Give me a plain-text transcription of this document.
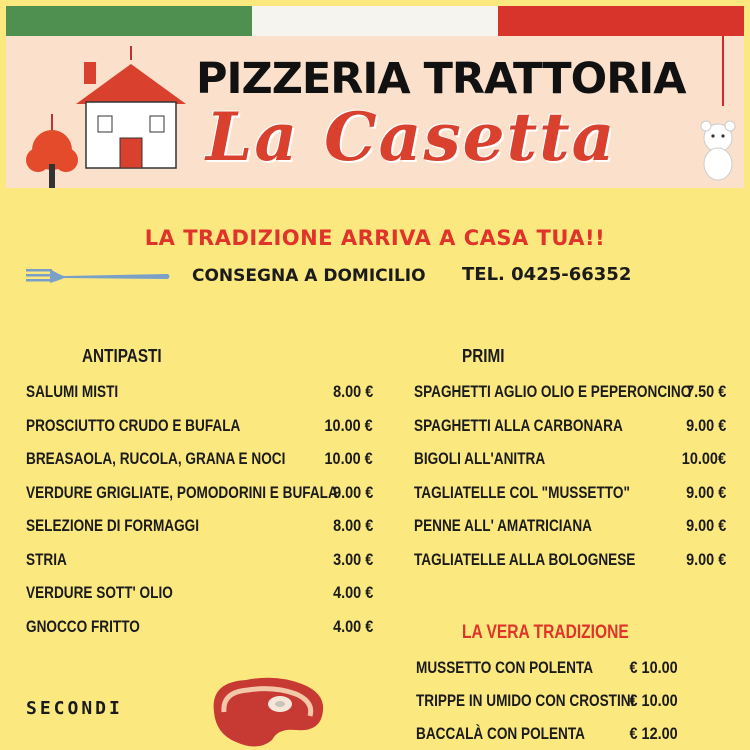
PIZZERIA TRATTORIA
La Casetta
LA TRADIZIONE ARRIVA A CASA TUA!!
CONSEGNA A DOMICILIO TEL. 0425-66352
ANTIPASTI
SALUMI MISTI	8.00 €
PROSCIUTTO CRUDO E BUFALA	10.00 €
BREASAOLA, RUCOLA, GRANA E NOCI 10.00 €
VERDURE GRIGLIATE, POMODORINI E BUFALA
9.00 €
SELEZIONE DI FORMAGGI	8.00 €
STRIA	3.00 €
VERDURE SOTT' OLIO	4.00 €
GNOCCO FRITTO	4.00 €
PRIMI
SPAGHETTI AGLIO OLIO E PEPERONCINO
7.50 €
SPAGHETTI ALLA CARBONARA	9.00 €
BIGOLI ALL'ANITRA	10.00€
TAGLIATELLE COL "MUSSETTO"	9.00 €
PENNE ALL' AMATRICIANA	9.00 €
TAGLIATELLE ALLA BOLOGNESE	9.00 €
LA VERA TRADIZIONE
MUSSETTO CON POLENTA € 10.00
TRIPPE IN UMIDO CON CROSTINI
€ 10.00
BACCALÀ CON POLENTA	€ 12.00
SECONDI
